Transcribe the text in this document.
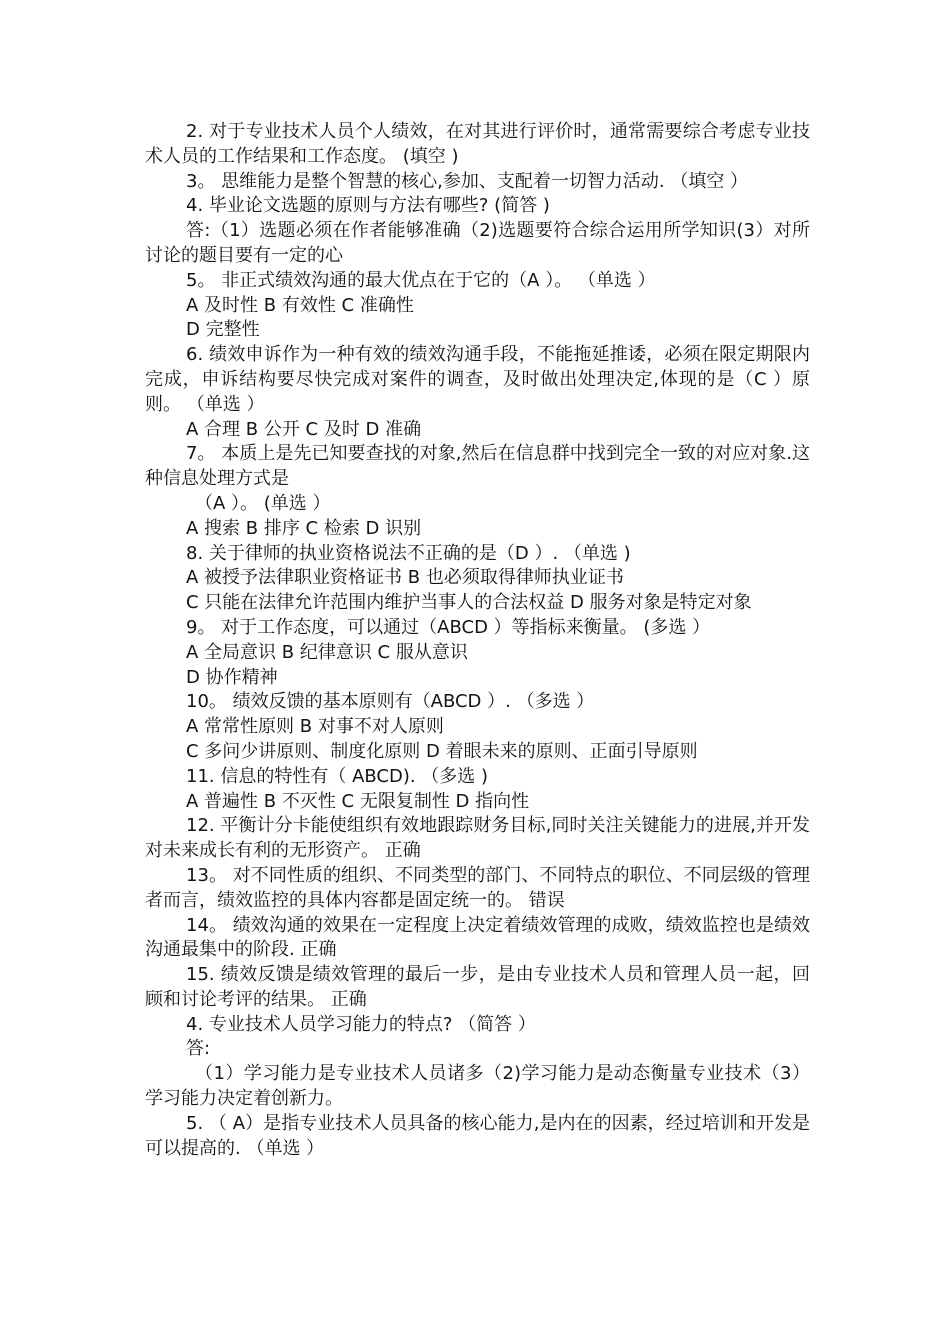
2. 对于专业技术人员个人绩效，在对其进行评价时，通常需要综合考虑专业技术人员的工作结果和工作态度。 (填空 )

3。 思维能力是整个智慧的核心,参加、支配着一切智力活动. （填空 ）

4. 毕业论文选题的原则与方法有哪些? (简答 )

答:（1）选题必须在作者能够准确（2)选题要符合综合运用所学知识(3）对所讨论的题目要有一定的心

5。 非正式绩效沟通的最大优点在于它的（A ）。 （单选 ）

A 及时性 B 有效性 C 准确性

D 完整性

6. 绩效申诉作为一种有效的绩效沟通手段，不能拖延推诿，必须在限定期限内完成，申诉结构要尽快完成对案件的调查，及时做出处理决定,体现的是（C ）原则。 （单选 ）

A 合理 B 公开 C 及时 D 准确

7。 本质上是先已知要查找的对象,然后在信息群中找到完全一致的对应对象.这种信息处理方式是

（A ）。 (单选 ）

A 搜索 B 排序 C 检索 D 识别

8. 关于律师的执业资格说法不正确的是（D ）. （单选 )

A 被授予法律职业资格证书 B 也必须取得律师执业证书

C 只能在法律允许范围内维护当事人的合法权益 D 服务对象是特定对象

9。 对于工作态度，可以通过（ABCD ）等指标来衡量。 (多选 ）

A 全局意识 B 纪律意识 C 服从意识

D 协作精神

10。 绩效反馈的基本原则有（ABCD ）. （多选 ）

A 常常性原则 B 对事不对人原则

C 多问少讲原则、制度化原则 D 着眼未来的原则、正面引导原则

11. 信息的特性有（ ABCD). （多选 )

A 普遍性 B 不灭性 C 无限复制性 D 指向性

12. 平衡计分卡能使组织有效地跟踪财务目标,同时关注关键能力的进展,并开发对未来成长有利的无形资产。 正确

13。 对不同性质的组织、不同类型的部门、不同特点的职位、不同层级的管理者而言，绩效监控的具体内容都是固定统一的。 错误

14。 绩效沟通的效果在一定程度上决定着绩效管理的成败，绩效监控也是绩效沟通最集中的阶段. 正确

15. 绩效反馈是绩效管理的最后一步，是由专业技术人员和管理人员一起，回顾和讨论考评的结果。 正确

4. 专业技术人员学习能力的特点? （简答 ）

答:

（1）学习能力是专业技术人员诸多（2)学习能力是动态衡量专业技术（3）学习能力决定着创新力。

5. （ A）是指专业技术人员具备的核心能力,是内在的因素，经过培训和开发是可以提高的. （单选 ）
